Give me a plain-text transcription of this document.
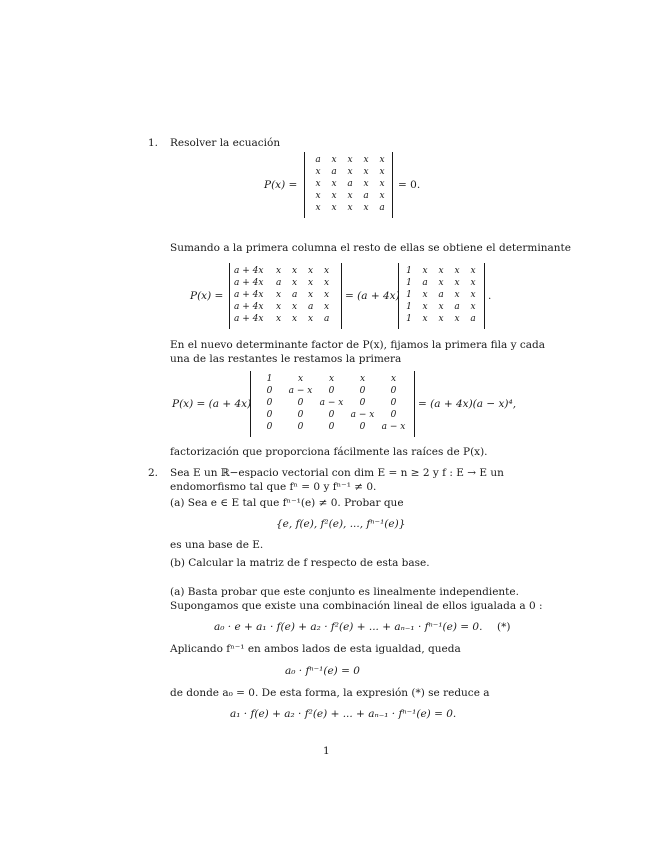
1. Resolver la ecuación
P(x) =
a	x	x	x	x
x	a	x	x	x
x	x	a	x	x
x	x	x	a	x
x	x	x	x	a
= 0.
Sumando a la primera columna el resto de ellas se obtiene el determinante
P(x) =
a + 4x	x	x	x	x
a + 4x	a	x	x	x
a + 4x	x	a	x	x
a + 4x	x	x	a	x
a + 4x	x	x	x	a
= (a + 4x)
1	x	x	x	x
1	a	x	x	x
1	x	a	x	x
1	x	x	a	x
1	x	x	x	a
.
En el nuevo determinante factor de P(x), fijamos la primera fila y cada
una de las restantes le restamos la primera
P(x) = (a + 4x)
1	x	x	x	x
0	a − x	0	0	0
0	0	a − x	0	0
0	0	0	a − x	0
0	0	0	0	a − x
= (a + 4x)(a − x)⁴,
factorización que proporciona fácilmente las raíces de P(x).
2. Sea E un ℝ−espacio vectorial con dim E = n ≥ 2 y f : E → E un
endomorfismo tal que fⁿ = 0 y fⁿ⁻¹ ≠ 0.
(a) Sea e ∈ E tal que fⁿ⁻¹(e) ≠ 0. Probar que
{e, f(e), f²(e), ..., fⁿ⁻¹(e)}
es una base de E.
(b) Calcular la matriz de f respecto de esta base.
(a) Basta probar que este conjunto es linealmente independiente.
Supongamos que existe una combinación lineal de ellos igualada a 0 :
a₀ · e + a₁ · f(e) + a₂ · f²(e) + ... + aₙ₋₁ · fⁿ⁻¹(e) = 0. (*)
Aplicando fⁿ⁻¹ en ambos lados de esta igualdad, queda
a₀ · fⁿ⁻¹(e) = 0
de donde a₀ = 0. De esta forma, la expresión (*) se reduce a
a₁ · f(e) + a₂ · f²(e) + ... + aₙ₋₁ · fⁿ⁻¹(e) = 0.
1
